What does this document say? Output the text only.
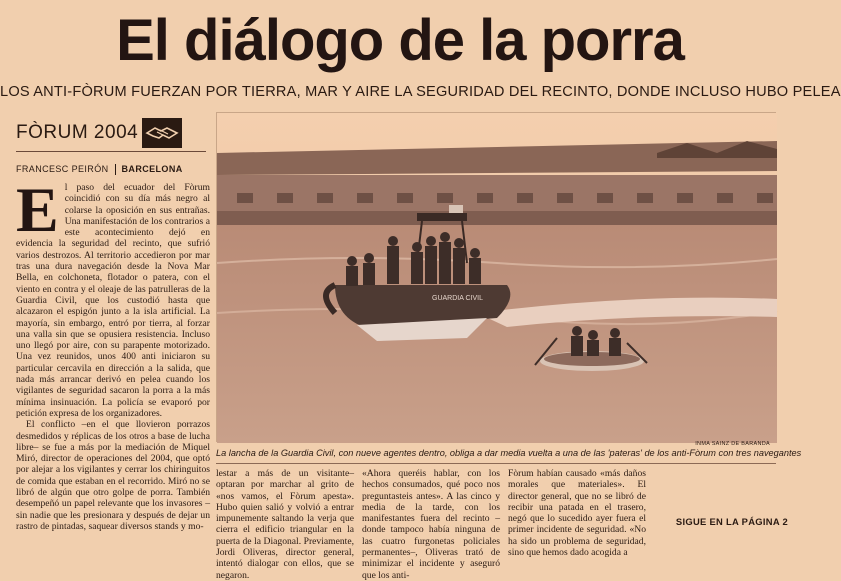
El diálogo de la porra
LOS ANTI-FÒRUM FUERZAN POR TIERRA, MAR Y AIRE LA SEGURIDAD DEL RECINTO, DONDE INCLUSO HUBO PELEA
FÒRUM 2004
FRANCESC PEIRÓN BARCELONA
E l paso del ecuador del Fòrum coincidió con su día más negro al colarse la oposición en sus entrañas. Una manifestación de los contrarios a este acontecimiento dejó en evidencia la seguridad del recinto, que sufrió varios destrozos. Al territorio accedieron por mar tras una dura navegación desde la Nova Mar Bella, en colchoneta, flotador o patera, con el viento en contra y el oleaje de las patrulleras de la Guardia Civil, que los custodió hasta que alcazaron el espigón junto a la isla artificial. La mayoría, sin embargo, entró por tierra, al forzar una valla sin que se opusiera resistencia. Incluso uno llegó por aire, con su parapente motorizado. Una vez reunidos, unos 400 anti iniciaron su particular cercavila en dirección a la salida, que nada más arrancar derivó en pelea cuando los vigilantes de seguridad sacaron la porra a la más mínima insinuación. La policía se evaporó por petición expresa de los organizadores.

El conflicto –en el que llovieron porrazos desmedidos y réplicas de los otros a base de lucha libre– se fue a más por la mediación de Miquel Miró, director de operaciones del 2004, que optó por alejar a los vigilantes y cerrar los chiringuitos de comida que estaban en el recorrido. Miró no se libró de algún que otro golpe de porra. También desempeñó un papel relevante que los invasores –sin nadie que les presionara y después de dejar un rastro de pintadas, saquear diversos stands y mo-

GUARDIA CIVIL
INMA SAINZ DE BARANDA
La lancha de la Guardia Civil, con nueve agentes dentro, obliga a dar media vuelta a una de las 'pateras' de los anti-Fòrum con tres navegantes
lestar a más de un visitante– optaran por marchar al grito de «nos vamos, el Fòrum apesta». Hubo quien salió y volvió a entrar impunemente saltando la verja que cierra el edificio triangular en la puerta de la Diagonal. Previamente, Jordi Oliveras, director general, intentó dialogar con ellos, que se negaron.
«Ahora queréis hablar, con los hechos consumados, qué poco nos preguntasteis antes». A las cinco y media de la tarde, con los manifestantes fuera del recinto –donde tampoco había ninguna de las cuatro furgonetas policiales permanentes–, Oliveras trató de minimizar el incidente y aseguró que los anti-
Fòrum habían causado «más daños morales que materiales». El director general, que no se libró de recibir una patada en el trasero, negó que lo sucedido ayer fuera el primer incidente de seguridad. «No ha sido un problema de seguridad, sino que hemos dado acogida a
SIGUE EN LA PÁGINA 2
